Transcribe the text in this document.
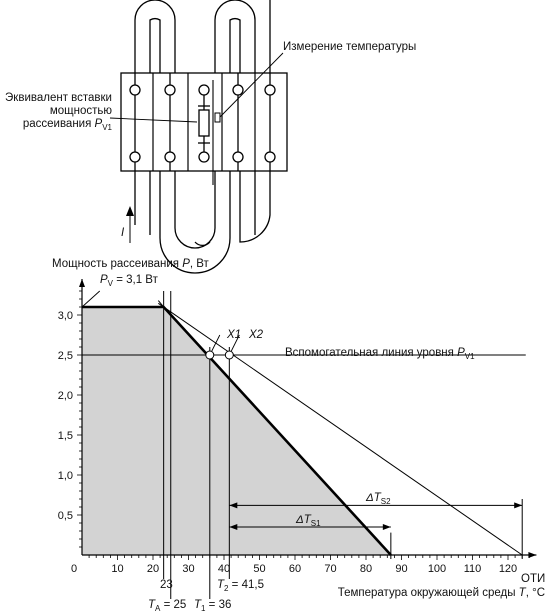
I
Измерение температуры
Эквивалент вставки
мощностью
рассеивания $P_{V1}$
0,5
1,0
1,5
2,0
2,5
3,0
0	10 20 30 40 50 60 70 80 90 100 110 120
Мощность рассеивания P, Вт
ОТИ
Температура окружающей среды T, °C
$P_V = 3,1$ Вт
Вспомогательная линия уровня $P_{V1}$
X1 X2
$\Delta T_{S1}$
$\Delta T_{S2}$
23
$T_A = 25$ $T_1 = 36$
$T_2 = 41,5$
